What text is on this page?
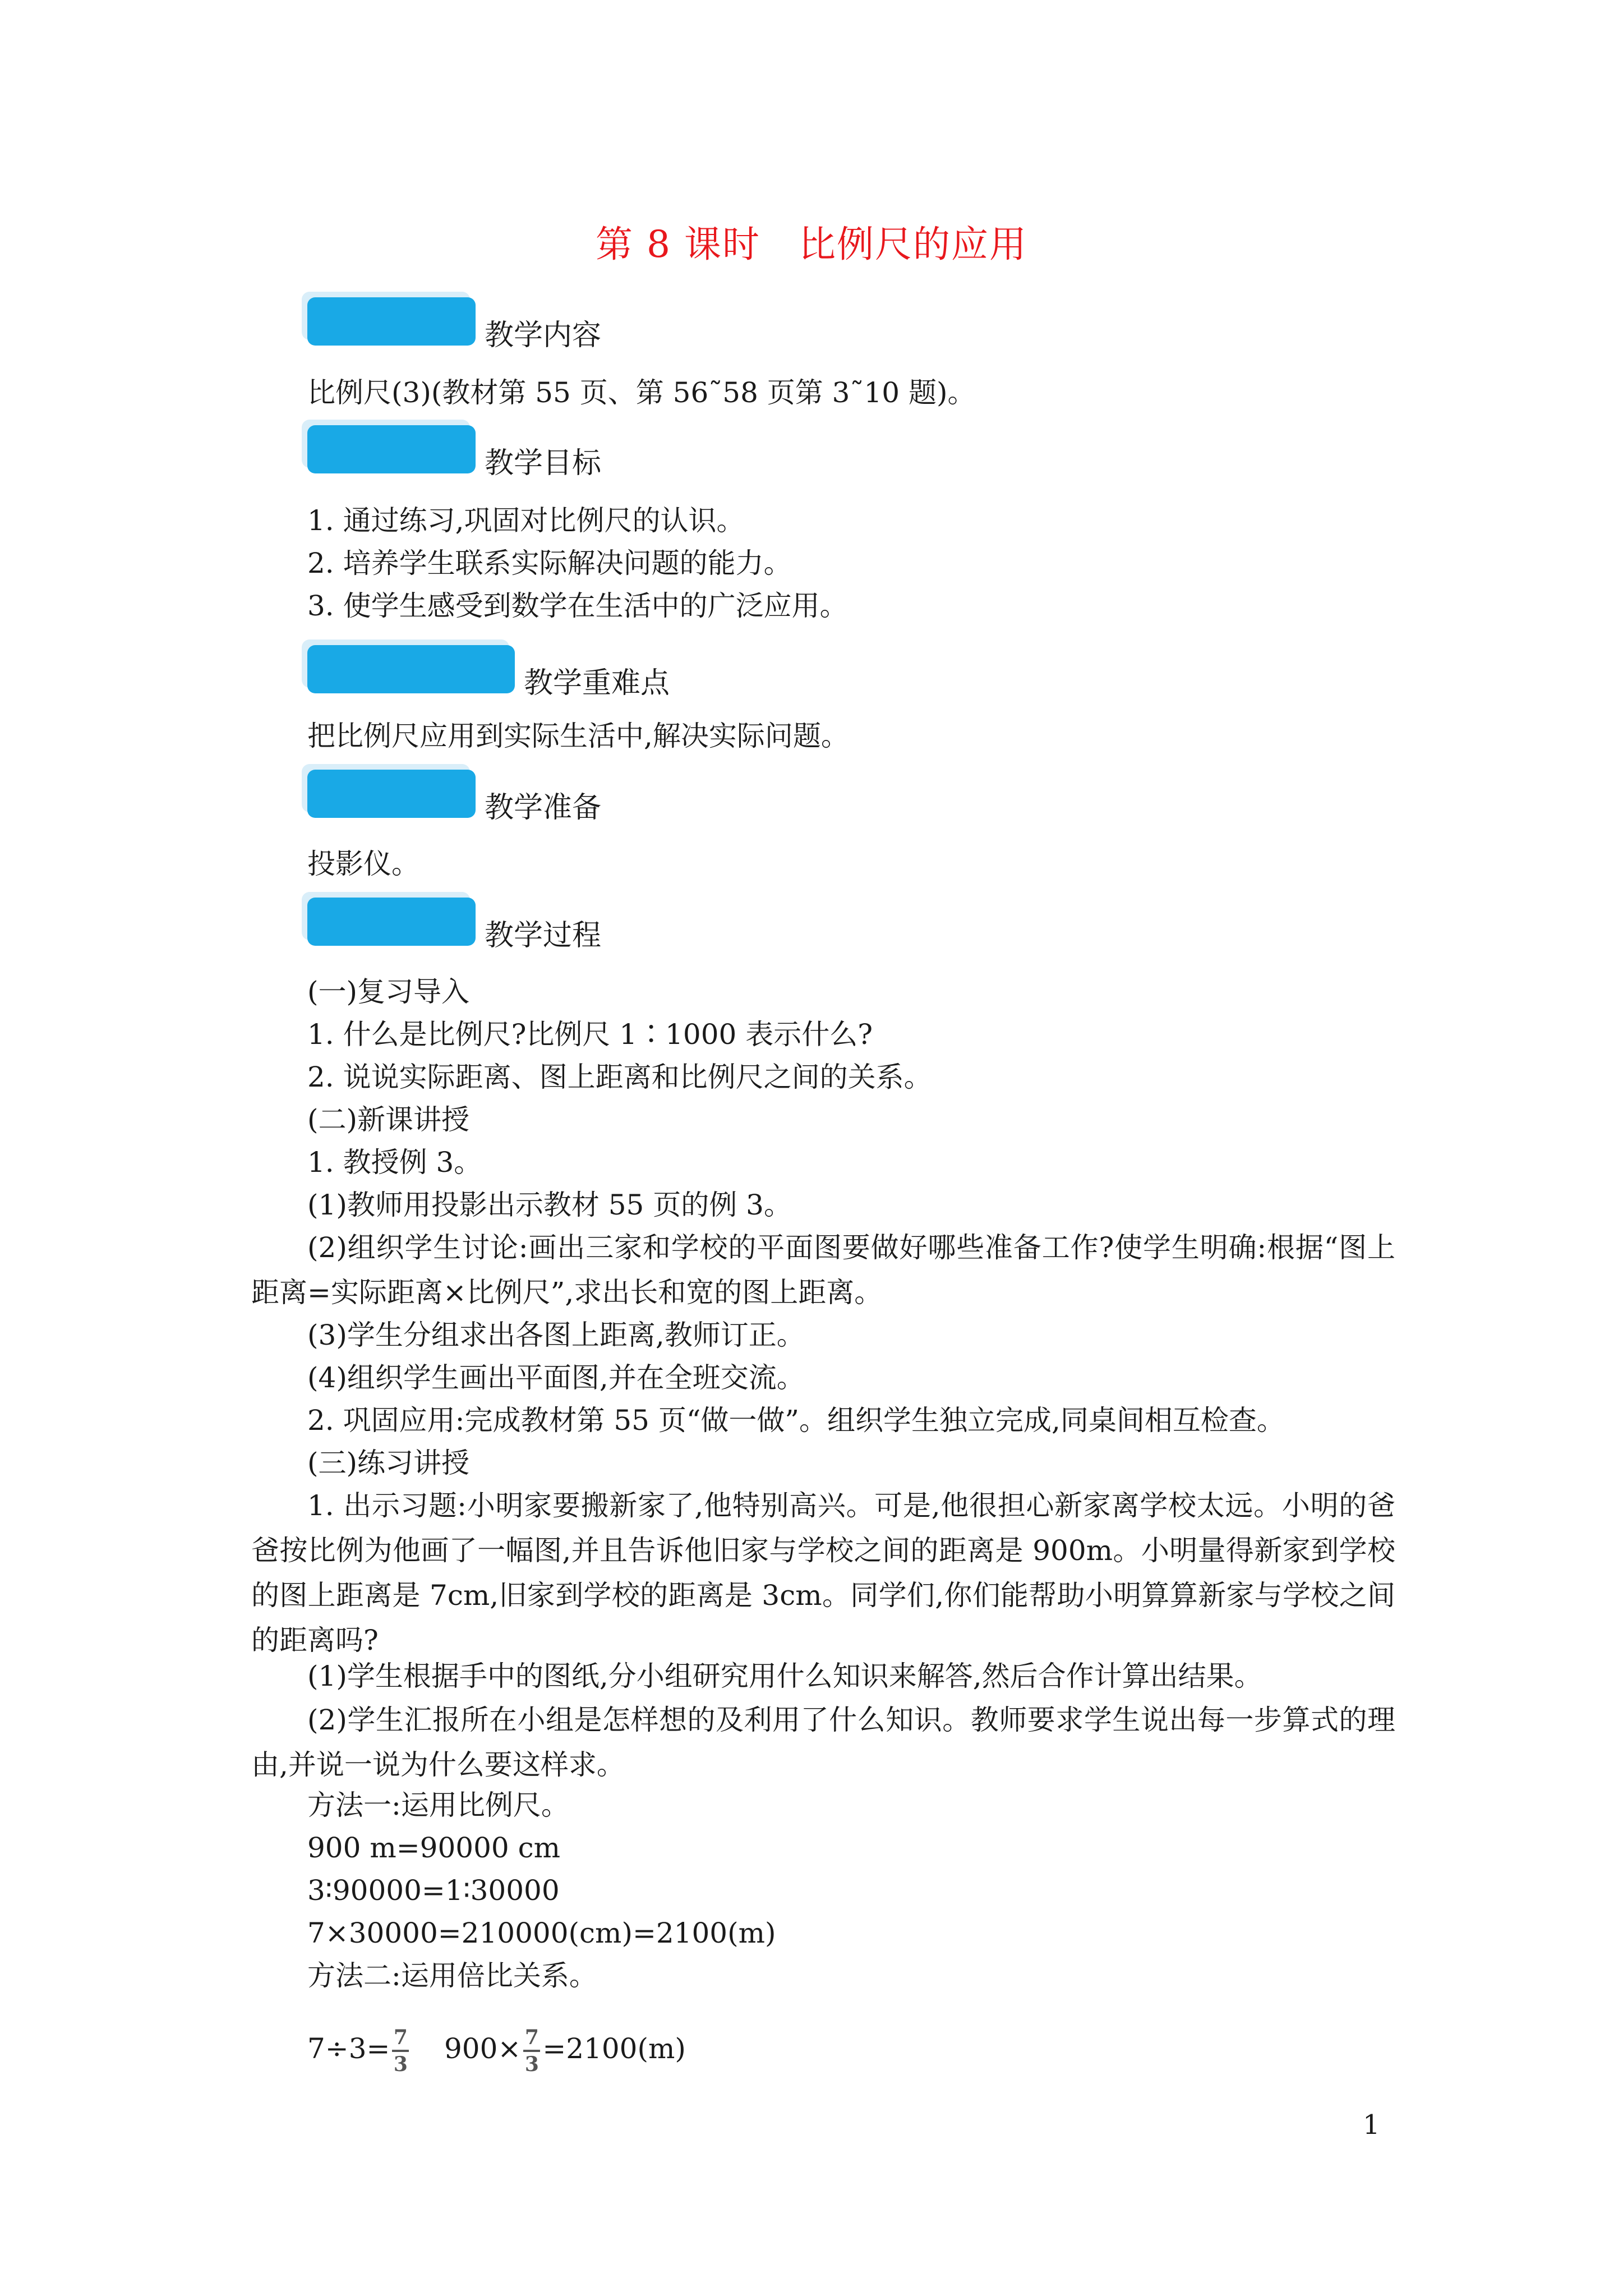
第 8 课时　比例尺的应用
教学内容
比例尺(3)(教材第 55 页、第 56˜58 页第 3˜10 题)。
教学目标
1. 通过练习,巩固对比例尺的认识。
2. 培养学生联系实际解决问题的能力。
3. 使学生感受到数学在生活中的广泛应用。
教学重难点
把比例尺应用到实际生活中,解决实际问题。
教学准备
投影仪。
教学过程
(一)复习导入
1. 什么是比例尺?比例尺 1∶1000 表示什么?
2. 说说实际距离、图上距离和比例尺之间的关系。
(二)新课讲授
1. 教授例 3。
(1)教师用投影出示教材 55 页的例 3。
(2)组织学生讨论:画出三家和学校的平面图要做好哪些准备工作?使学生明确:根据“图上距离=实际距离×比例尺”,求出长和宽的图上距离。
(3)学生分组求出各图上距离,教师订正。
(4)组织学生画出平面图,并在全班交流。
2. 巩固应用:完成教材第 55 页“做一做”。组织学生独立完成,同桌间相互检查。
(三)练习讲授
1. 出示习题:小明家要搬新家了,他特别高兴。可是,他很担心新家离学校太远。小明的爸爸按比例为他画了一幅图,并且告诉他旧家与学校之间的距离是 900m。小明量得新家到学校的图上距离是 7cm,旧家到学校的距离是 3cm。同学们,你们能帮助小明算算新家与学校之间的距离吗?
(1)学生根据手中的图纸,分小组研究用什么知识来解答,然后合作计算出结果。
(2)学生汇报所在小组是怎样想的及利用了什么知识。教师要求学生说出每一步算式的理由,并说一说为什么要这样求。
方法一:运用比例尺。
900 m=90000 cm
3∶90000=1∶30000
7×30000=210000(cm)=2100(m)
方法二:运用倍比关系。
$7\div 3= \frac{7}{3} 900\times \frac{7}{3} =2100(m)$
1
